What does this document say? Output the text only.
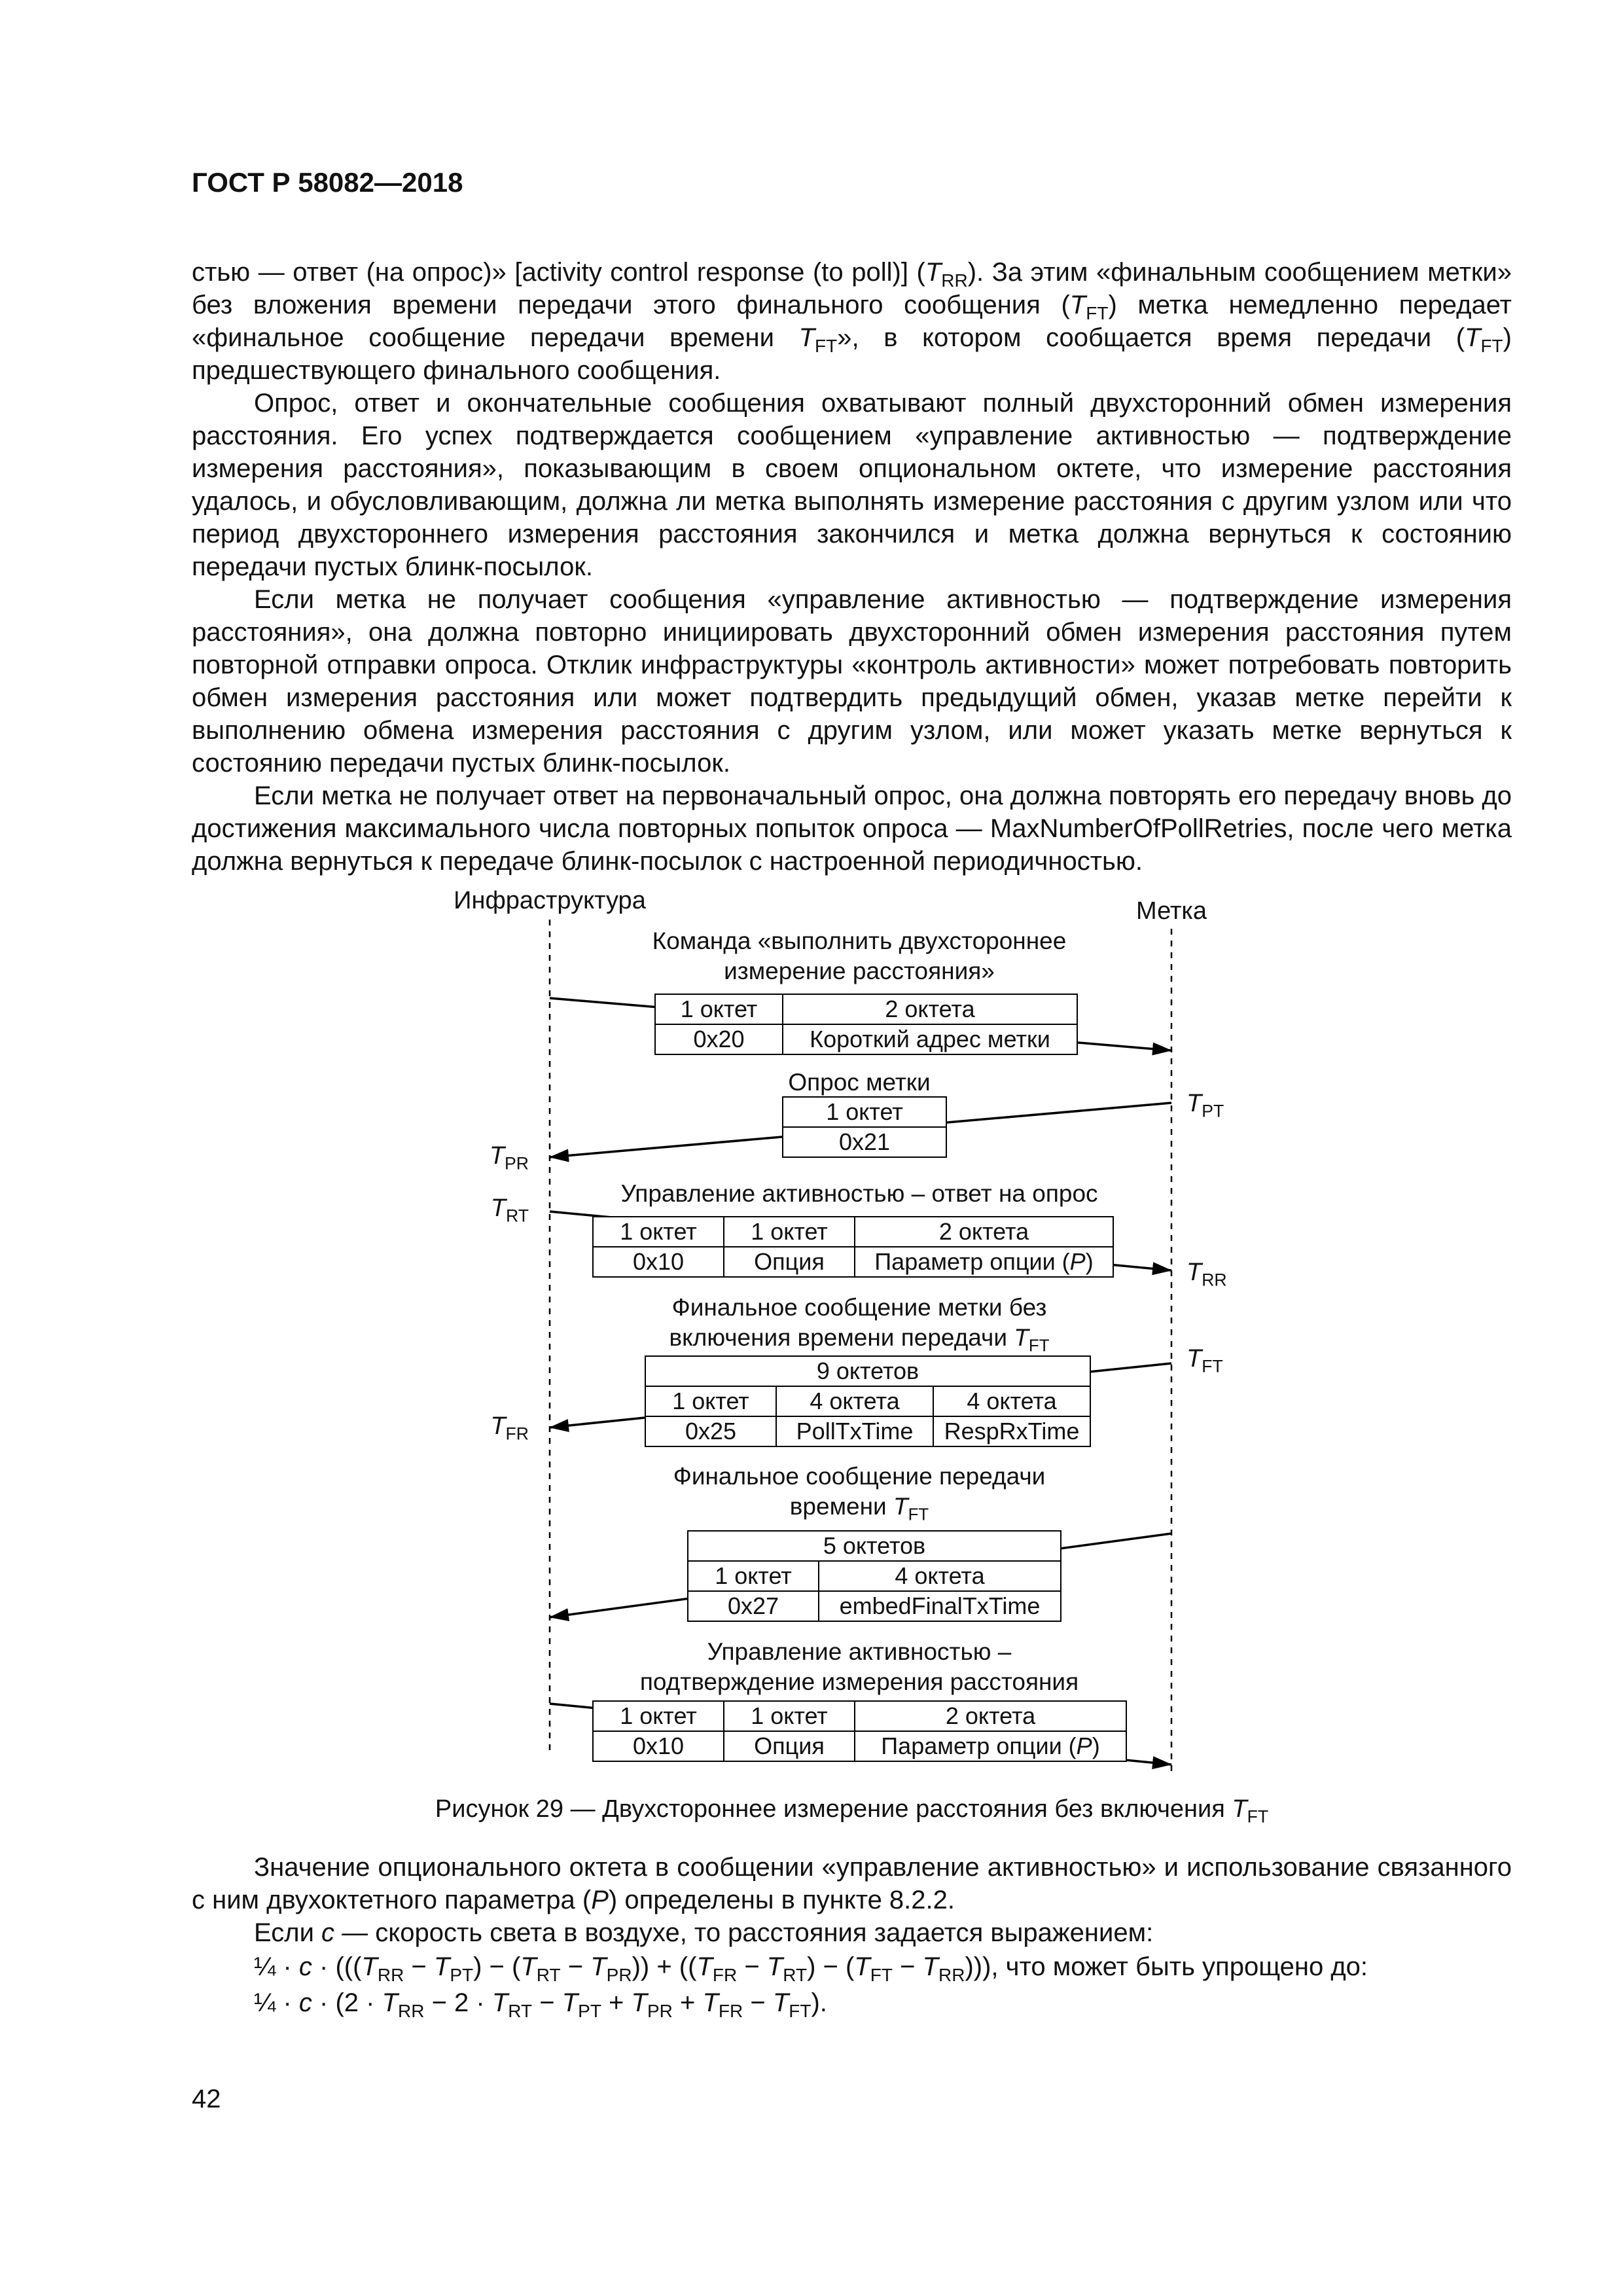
ГОСТ Р 58082—2018

стью — ответ (на опрос)» [activity control response (to poll)] $(T_{RR})$. За этим «финальным сообщением метки» без вложения времени передачи этого финального сообщения $(T_{FT})$ метка немедленно передает «финальное сообщение передачи времени $T_{FT}$», в котором сообщается время передачи $(T_{FT})$ предшествующего финального сообщения.

Опрос, ответ и окончательные сообщения охватывают полный двухсторонний обмен измерения расстояния. Его успех подтверждается сообщением «управление активностью — подтверждение измерения расстояния», показывающим в своем опциональном октете, что измерение расстояния удалось, и обусловливающим, должна ли метка выполнять измерение расстояния с другим узлом или что период двухстороннего измерения расстояния закончился и метка должна вернуться к состоянию передачи пустых блинк-посылок.

Если метка не получает сообщения «управление активностью — подтверждение измерения расстояния», она должна повторно инициировать двухсторонний обмен измерения расстояния путем повторной отправки опроса. Отклик инфраструктуры «контроль активности» может потребовать повторить обмен измерения расстояния или может подтвердить предыдущий обмен, указав метке перейти к выполнению обмена измерения расстояния с другим узлом, или может указать метке вернуться к состоянию передачи пустых блинк-посылок.

Если метка не получает ответ на первоначальный опрос, она должна повторять его передачу вновь до достижения максимального числа повторных попыток опроса — MaxNumberOfPollRetries, после чего метка должна вернуться к передаче блинк-посылок с настроенной периодичностью.

Инфраструктура	Метка
Команда «выполнить двухстороннее
измерение расстояния»
1 октет	2 октета
0x20	Короткий адрес метки
Опрос метки
1 октет
0x21
$T_{PT}$
$T_{PR}$
Управление активностью – ответ на опрос
$T_{RT}$
1 октет	1 октет	2 октета
0x10	Опция	Параметр опции (P)	$T_{RR}$
Финальное сообщение метки без
включения времени передачи $T_{FT}$	$T_{FT}$
9 октетов		
1 октет	4 октета	4 октета
0x25	PollTxTime	RespRxTime
$T_{FR}$
Финальное сообщение передачи
времени $T_{FT}$
5 октетов	
1 октет	4 октета
0x27	embedFinalTxTime
Управление активностью –
подтверждение измерения расстояния
1 октет	1 октет	2 октета
0x10	Опция	Параметр опции (P)

Рисунок 29 — Двухстороннее измерение расстояния без включения $T_{FT}$

Значение опционального октета в сообщении «управление активностью» и использование связанного с ним двухоктетного параметра (P) определены в пункте 8.2.2.

Если c — скорость света в воздухе, то расстояния задается выражением:

¼ · $c \cdot (((T_{RR} - T_{PT}) - (T_{RT} - T_{PR})) + ((T_{FR} - T_{RT}) - (T_{FT} - T_{RR})))$, что может быть упрощено до:

¼ · $c \cdot (2 \cdot T_{RR} - 2 \cdot T_{RT} - T_{PT} + T_{PR} + T_{FR} - T_{FT})$.

42
